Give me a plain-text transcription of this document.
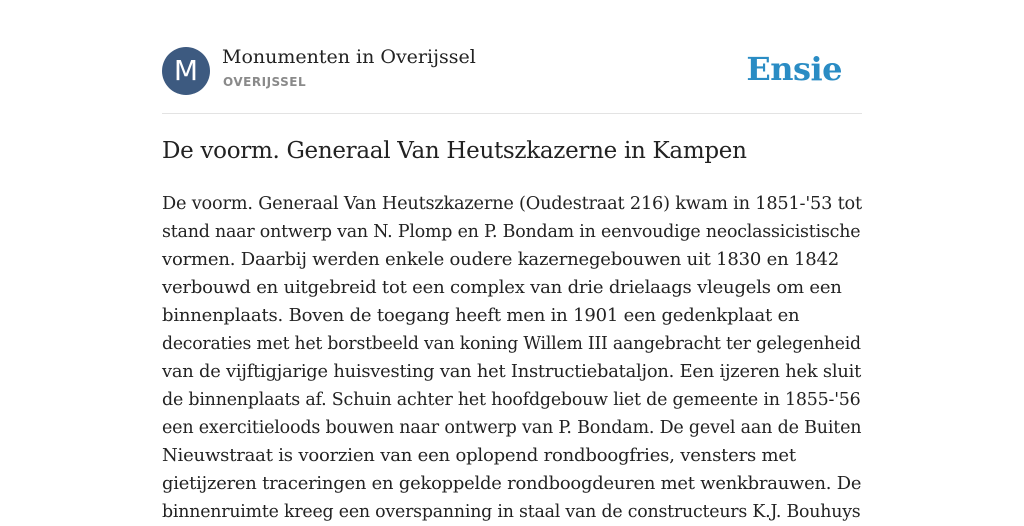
M	Monumenten in Overijssel
OVERIJSSEL	Ensie
De voorm. Generaal Van Heutszkazerne in Kampen
De voorm. Generaal Van Heutszkazerne (Oudestraat 216) kwam in 1851-'53 tot
stand naar ontwerp van N. Plomp en P. Bondam in eenvoudige neoclassicistische
vormen. Daarbij werden enkele oudere kazernegebouwen uit 1830 en 1842
verbouwd en uitgebreid tot een complex van drie drielaags vleugels om een
binnenplaats. Boven de toegang heeft men in 1901 een gedenkplaat en
decoraties met het borstbeeld van koning Willem III aangebracht ter gelegenheid
van de vijftigjarige huisvesting van het Instructiebataljon. Een ijzeren hek sluit
de binnenplaats af. Schuin achter het hoofdgebouw liet de gemeente in 1855-'56
een exercitieloods bouwen naar ontwerp van P. Bondam. De gevel aan de Buiten
Nieuwstraat is voorzien van een oplopend rondboogfries, vensters met
gietijzeren traceringen en gekoppelde rondboogdeuren met wenkbrauwen. De
binnenruimte kreeg een overspanning in staal van de constructeurs K.J. Bouhuys
